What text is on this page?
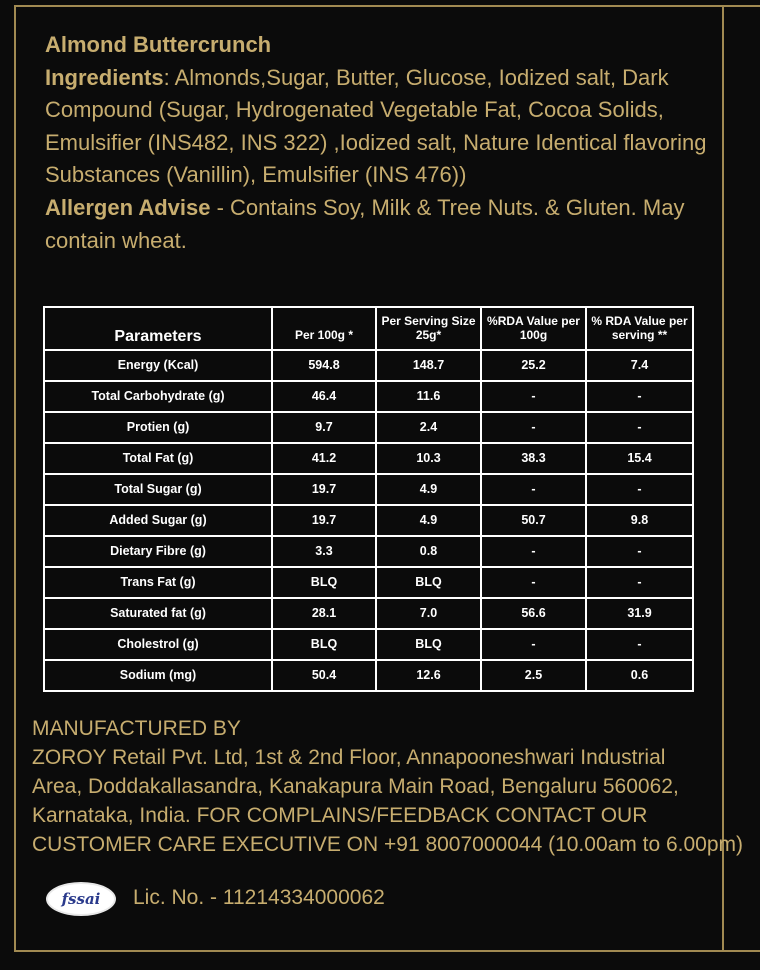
Almond Buttercrunch
Ingredients: Almonds,Sugar, Butter, Glucose, Iodized salt, Dark Compound (Sugar, Hydrogenated Vegetable Fat, Cocoa Solids, Emulsifier (INS482, INS 322) ,Iodized salt, Nature Identical flavoring Substances (Vanillin), Emulsifier (INS 476))
Allergen Advise - Contains Soy, Milk & Tree Nuts. & Gluten. May contain wheat.
Parameters	Per 100g *	Per Serving Size 25g*	%RDA Value per 100g	% RDA Value per serving **
Energy (Kcal)	594.8	148.7	25.2	7.4
Total Carbohydrate (g)	46.4	11.6	-	-
Protien (g)	9.7	2.4	-	-
Total Fat (g)	41.2	10.3	38.3	15.4
Total Sugar (g)	19.7	4.9	-	-
Added Sugar (g)	19.7	4.9	50.7	9.8
Dietary Fibre (g)	3.3	0.8	-	-
Trans Fat (g)	BLQ	BLQ	-	-
Saturated fat (g)	28.1	7.0	56.6	31.9
Cholestrol (g)	BLQ	BLQ	-	-
Sodium (mg)	50.4	12.6	2.5	0.6
MANUFACTURED BY
ZOROY Retail Pvt. Ltd, 1st & 2nd Floor, Annapooneshwari Industrial
Area, Doddakallasandra, Kanakapura Main Road, Bengaluru 560062,
Karnataka, India. FOR COMPLAINS/FEEDBACK CONTACT OUR
CUSTOMER CARE EXECUTIVE ON +91 8007000044 (10.00am to 6.00pm)
fssai Lic. No. - 11214334000062
